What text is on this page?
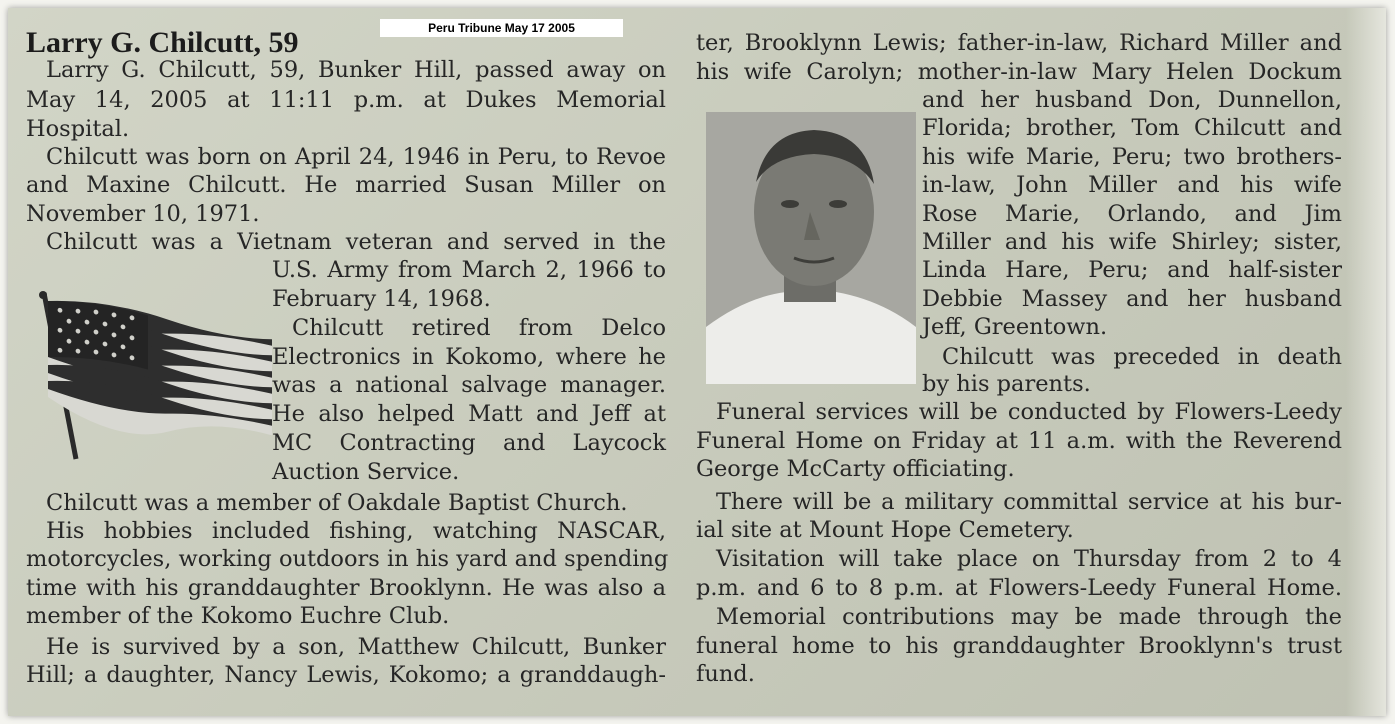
Peru Tribune May 17 2005
Larry G. Chilcutt, 59

Larry G. Chilcutt, 59, Bunker Hill, passed away on

May 14, 2005 at 11:11 p.m. at Dukes Memorial

Hospital.

Chilcutt was born on April 24, 1946 in Peru, to Revoe

and Maxine Chilcutt. He married Susan Miller on

November 10, 1971.

Chilcutt was a Vietnam veteran and served in the

U.S. Army from March 2, 1966 to

February 14, 1968.

Chilcutt retired from Delco

Electronics in Kokomo, where he

was a national salvage manager.

He also helped Matt and Jeff at

MC Contracting and Laycock

Auction Service.

Chilcutt was a member of Oakdale Baptist Church.

His hobbies included fishing, watching NASCAR,

motorcycles, working outdoors in his yard and spending

time with his granddaughter Brooklynn. He was also a

member of the Kokomo Euchre Club.

He is survived by a son, Matthew Chilcutt, Bunker

Hill; a daughter, Nancy Lewis, Kokomo; a granddaugh-

ter, Brooklynn Lewis; father-in-law, Richard Miller and

his wife Carolyn; mother-in-law Mary Helen Dockum

and her husband Don, Dunnellon,

Florida; brother, Tom Chilcutt and

his wife Marie, Peru; two brothers-

in-law, John Miller and his wife

Rose Marie, Orlando, and Jim

Miller and his wife Shirley; sister,

Linda Hare, Peru; and half-sister

Debbie Massey and her husband

Jeff, Greentown.

Chilcutt was preceded in death

by his parents.

Funeral services will be conducted by Flowers-Leedy

Funeral Home on Friday at 11 a.m. with the Reverend

George McCarty officiating.

There will be a military committal service at his bur-

ial site at Mount Hope Cemetery.

Visitation will take place on Thursday from 2 to 4

p.m. and 6 to 8 p.m. at Flowers-Leedy Funeral Home.

Memorial contributions may be made through the

funeral home to his granddaughter Brooklynn's trust

fund.
